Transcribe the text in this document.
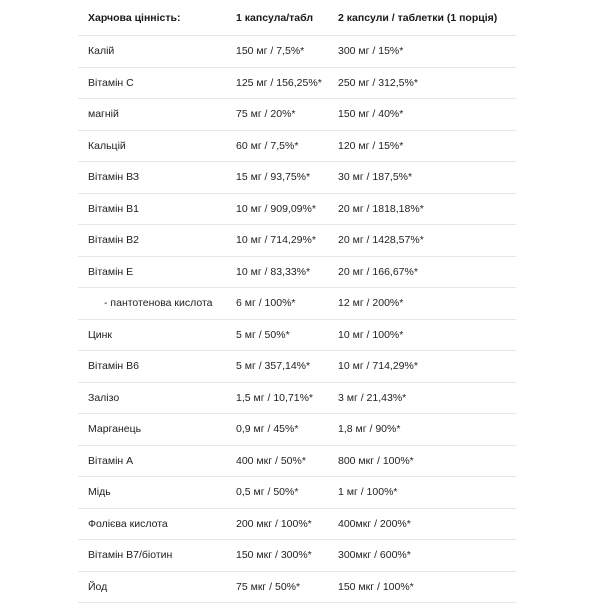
Харчова цінність:	1 капсула/табл	2 капсули / таблетки (1 порція)
Калій	150 мг / 7,5%*	300 мг / 15%*
Вітамін С	125 мг / 156,25%*	250 мг / 312,5%*
магній	75 мг / 20%*	150 мг / 40%*
Кальцій	60 мг / 7,5%*	120 мг / 15%*
Вітамін ВЗ	15 мг / 93,75%*	30 мг / 187,5%*
Вітамін В1	10 мг / 909,09%*	20 мг / 1818,18%*
Вітамін В2	10 мг / 714,29%*	20 мг / 1428,57%*
Вітамін Е	10 мг / 83,33%*	20 мг / 166,67%*
- пантотенова кислота	6 мг / 100%*	12 мг / 200%*
Цинк	5 мг / 50%*	10 мг / 100%*
Вітамін В6	5 мг / 357,14%*	10 мг / 714,29%*
Залізо	1,5 мг / 10,71%*	3 мг / 21,43%*
Марганець	0,9 мг / 45%*	1,8 мг / 90%*
Вітамін А	400 мкг / 50%*	800 мкг / 100%*
Мідь	0,5 мг / 50%*	1 мг / 100%*
Фолієва кислота	200 мкг / 100%*	400мкг / 200%*
Вітамін В7/біотин	150 мкг / 300%*	300мкг / 600%*
Йод	75 мкг / 50%*	150 мкг / 100%*
